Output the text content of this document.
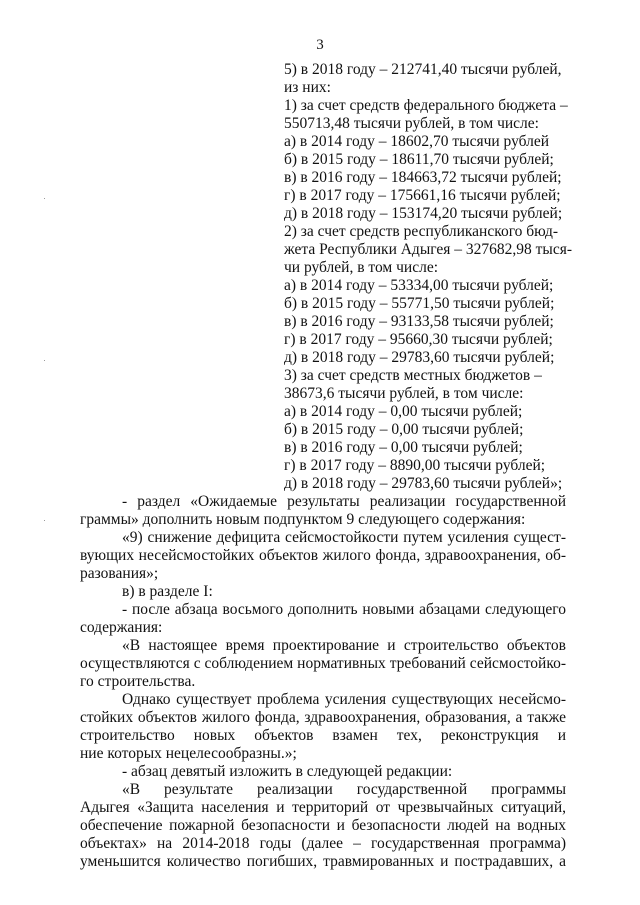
3
5) в 2018 году – 212741,40 тысячи рублей,
из них:
1) за счет средств федерального бюджета –
550713,48 тысячи рублей, в том числе:
а) в 2014 году – 18602,70 тысячи рублей
б) в 2015 году – 18611,70 тысячи рублей;
в) в 2016 году – 184663,72 тысячи рублей;
г) в 2017 году – 175661,16 тысячи рублей;
д) в 2018 году – 153174,20 тысячи рублей;
2) за счет средств республиканского бюд-
жета Республики Адыгея – 327682,98 тыся-
чи рублей, в том числе:
а) в 2014 году – 53334,00 тысячи рублей;
б) в 2015 году – 55771,50 тысячи рублей;
в) в 2016 году – 93133,58 тысячи рублей;
г) в 2017 году – 95660,30 тысячи рублей;
д) в 2018 году – 29783,60 тысячи рублей;
3) за счет средств местных бюджетов –
38673,6 тысячи рублей, в том числе:
а) в 2014 году – 0,00 тысячи рублей;
б) в 2015 году – 0,00 тысячи рублей;
в) в 2016 году – 0,00 тысячи рублей;
г) в 2017 году – 8890,00 тысячи рублей;
д) в 2018 году – 29783,60 тысячи рублей»;
- раздел «Ожидаемые результаты реализации государственной
граммы» дополнить новым подпунктом 9 следующего содержания:
«9) снижение дефицита сейсмостойкости путем усиления сущест-
вующих несейсмостойких объектов жилого фонда, здравоохранения, об-
разования»;
в) в разделе I:
- после абзаца восьмого дополнить новыми абзацами следующего
содержания:
«В настоящее время проектирование и строительство объектов
осуществляются с соблюдением нормативных требований сейсмостойко-
го строительства.
Однако существует проблема усиления существующих несейсмо-
стойких объектов жилого фонда, здравоохранения, образования, а также
строительство новых объектов взамен тех, реконструкция и
ние которых нецелесообразны.»;
- абзац девятый изложить в следующей редакции:
«В результате реализации государственной программы
Адыгея «Защита населения и территорий от чрезвычайных ситуаций,
обеспечение пожарной безопасности и безопасности людей на водных
объектах» на 2014-2018 годы (далее – государственная программа)
уменьшится количество погибших, травмированных и пострадавших, а
